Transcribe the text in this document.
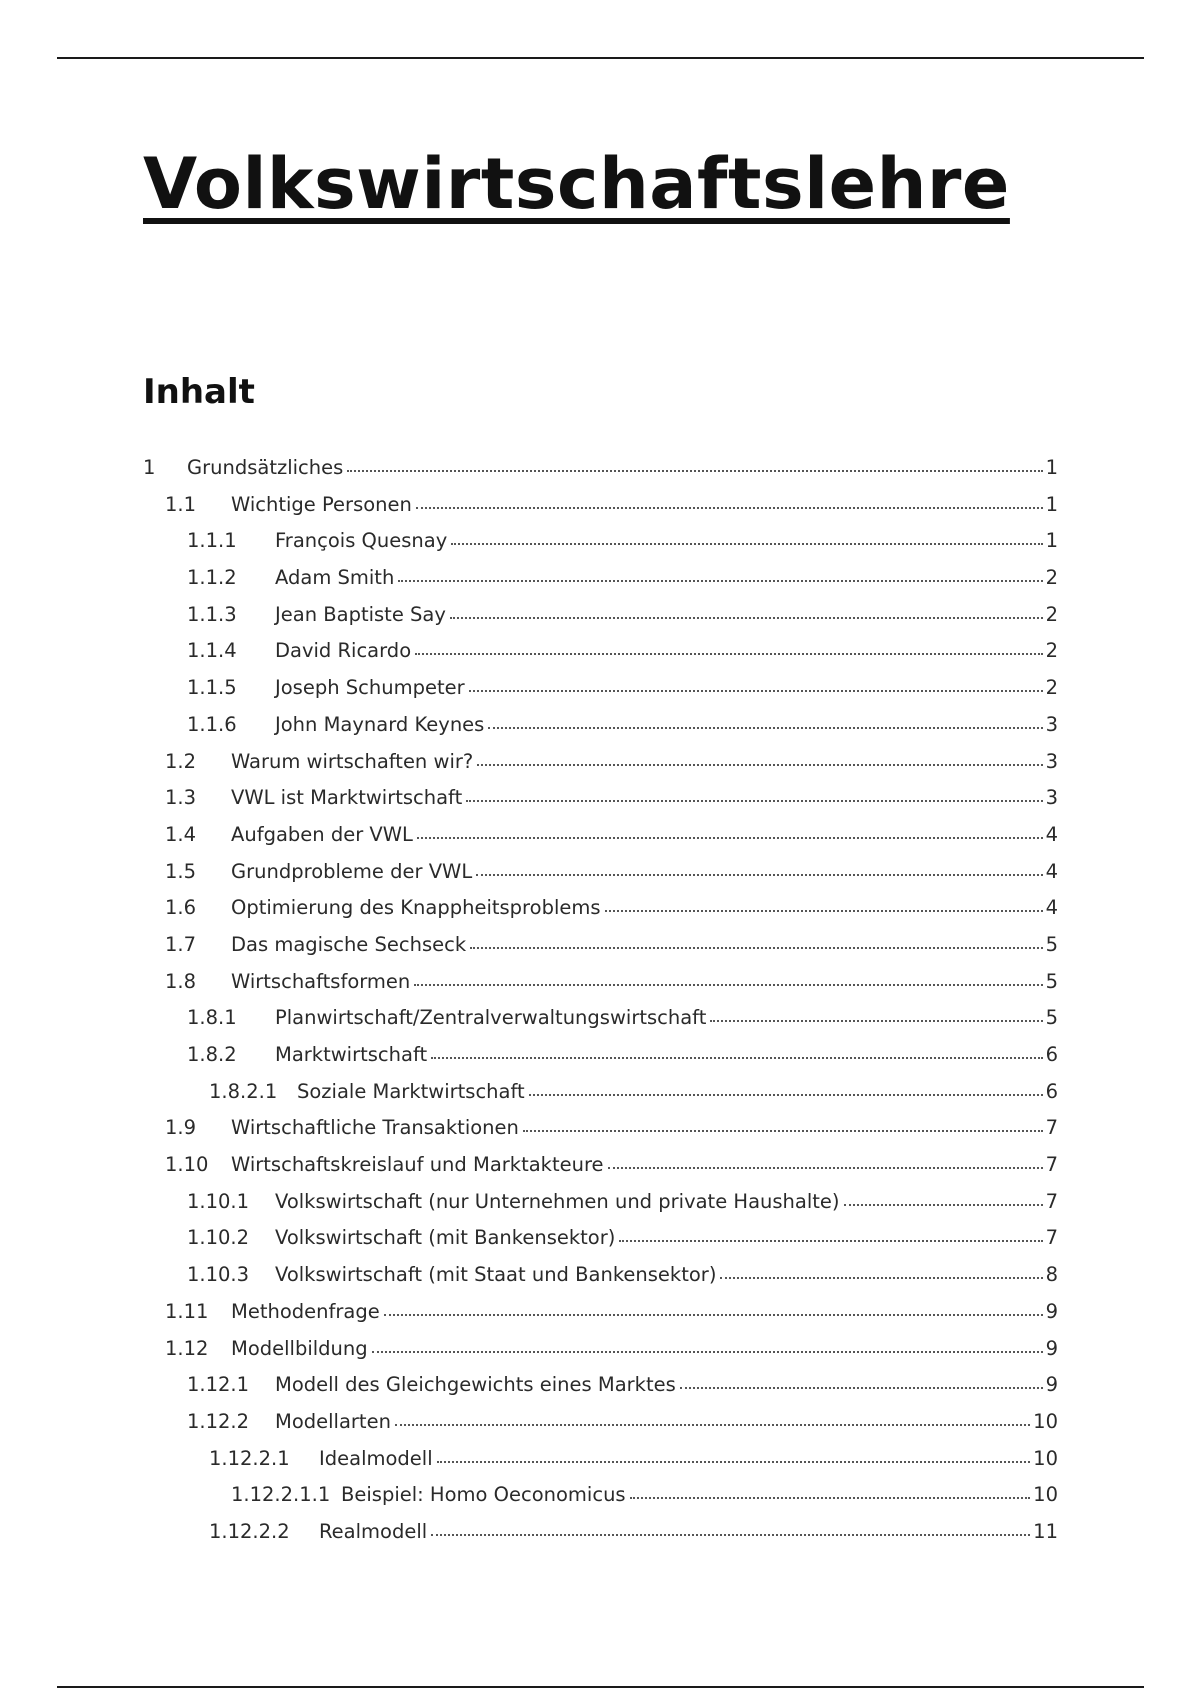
Volkswirtschaftslehre
Inhalt
1	Grundsätzliches	1
1.1	Wichtige Personen	1
1.1.1	François Quesnay	1
1.1.2	Adam Smith	2
1.1.3	Jean Baptiste Say	2
1.1.4	David Ricardo	2
1.1.5	Joseph Schumpeter	2
1.1.6	John Maynard Keynes	3
1.2	Warum wirtschaften wir?	3
1.3	VWL ist Marktwirtschaft	3
1.4	Aufgaben der VWL	4
1.5	Grundprobleme der VWL	4
1.6	Optimierung des Knappheitsproblems	4
1.7	Das magische Sechseck	5
1.8	Wirtschaftsformen	5
1.8.1	Planwirtschaft/Zentralverwaltungswirtschaft	5
1.8.2	Marktwirtschaft	6
1.8.2.1	Soziale Marktwirtschaft	6
1.9	Wirtschaftliche Transaktionen	7
1.10	Wirtschaftskreislauf und Marktakteure	7
1.10.1	Volkswirtschaft (nur Unternehmen und private Haushalte)	7
1.10.2	Volkswirtschaft (mit Bankensektor)	7
1.10.3	Volkswirtschaft (mit Staat und Bankensektor)	8
1.11	Methodenfrage	9
1.12	Modellbildung	9
1.12.1	Modell des Gleichgewichts eines Marktes	9
1.12.2	Modellarten	10
1.12.2.1	Idealmodell	10
1.12.2.1.1 Beispiel: Homo Oeconomicus	10
1.12.2.2	Realmodell	11
